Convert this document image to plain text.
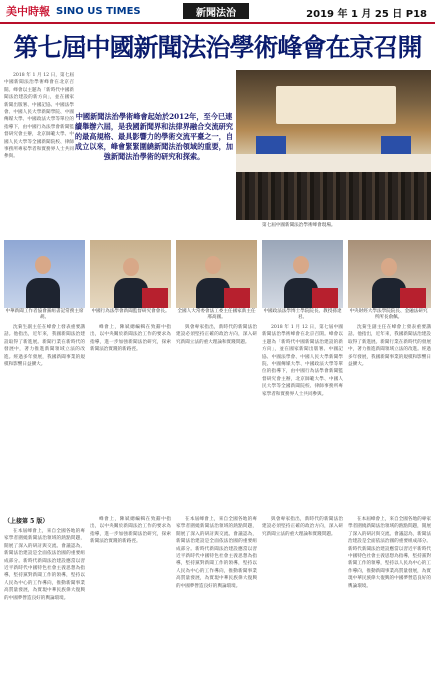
美中時報 SINO US TIMES	新聞法治	2019 年 1 月 25 日 P18
第七屆中國新聞法治學術峰會在京召開

2018 年 1 月 12 日，第七屆中國新聞法治學術峰會在北京召開。峰會以主題為「新時代中國新聞法治建設的新方向」，並在國家新聞出版署、中國記協、中國法學會、中國人民大學新聞學院、中國傳媒大學、中國政法大學等單位的指導下，由中國行為法學會新聞監督研究會主辦，北京師範大學、中國人民大學等全國新聞院校、律師事務所專家學者和實務界人士共同參與。

中國新聞法治學術峰會起始於2012年，至今已連續舉辦六屆，是我國新聞界和法律界融合交流研究的最高規格、最具影響力的學術交流平臺之一，自成立以來，峰會緊緊圍繞新聞法治領域的重要，加強新聞法治學術的研究和探索。
第七屆中國新聞法治學術峰會現場。
中華新聞工作者協會黨組書記常務主席胡。
中國行為法學會新聞監督研究會會長。	全國人大常委會法工委主任國家新主任邢高國。
中國政法法學博士學院院長、教授孫達君。
中央財經大學法學院院長、金融法研究所所長俞佩。

沈菊生副主任在峰會上發表重要講話。他指出，近年來，我國新聞法治建設取得了新進展。新聞行業在新時代的發展中，著力推進新聞領域立法的改進。經過多年發展，我國新聞事業的規模和影響日益擴大。

峰會上，陳斌總編輯在致辭中指出，以中央關於新聞法治工作的要求為指導，進一步加強新聞法治研究，探索新聞法治實踐的新路徑。

與會專家指出，新時代的新聞法治建設必須堅持正確的政治方向，深入研究新聞立法的重大理論和實踐問題。

2018 年 1 月 12 日，第七屆中國新聞法治學術峰會在北京召開。峰會以主題為「新時代中國新聞法治建設的新方向」，並在國家新聞出版署、中國記協、中國法學會、中國人民大學新聞學院、中國傳媒大學、中國政法大學等單位的指導下，由中國行為法學會新聞監督研究會主辦，北京師範大學、中國人民大學等全國新聞院校、律師事務所專家學者和實務界人士共同參與。

沈菊生副主任在峰會上發表重要講話。他指出，近年來，我國新聞法治建設取得了新進展。新聞行業在新時代的發展中，著力推進新聞領域立法的改進。經過多年發展，我國新聞事業的規模和影響日益擴大。

（上接第 5 版）

在本屆峰會上，來自全國各地的專家學者圍繞新聞法治領域的熱點問題，開展了深入的研討與交流。會議認為，新聞法治建設是全面依法治國的重要組成部分。新時代新聞法治建設應當以習近平新時代中國特色社會主義思想為指導，堅持黨對新聞工作的領導，堅持以人民為中心的工作導向，推動新聞事業高質量發展，為實現中華民族偉大復興的中國夢營造良好的輿論環境。

峰會上，陳斌總編輯在致辭中指出，以中央關於新聞法治工作的要求為指導，進一步加強新聞法治研究，探索新聞法治實踐的新路徑。

在本屆峰會上，來自全國各地的專家學者圍繞新聞法治領域的熱點問題，開展了深入的研討與交流。會議認為，新聞法治建設是全面依法治國的重要組成部分。新時代新聞法治建設應當以習近平新時代中國特色社會主義思想為指導，堅持黨對新聞工作的領導，堅持以人民為中心的工作導向，推動新聞事業高質量發展，為實現中華民族偉大復興的中國夢營造良好的輿論環境。

與會專家指出，新時代的新聞法治建設必須堅持正確的政治方向，深入研究新聞立法的重大理論和實踐問題。

在本屆峰會上，來自全國各地的專家學者圍繞新聞法治領域的熱點問題，開展了深入的研討與交流。會議認為，新聞法治建設是全面依法治國的重要組成部分。新時代新聞法治建設應當以習近平新時代中國特色社會主義思想為指導，堅持黨對新聞工作的領導，堅持以人民為中心的工作導向，推動新聞事業高質量發展，為實現中華民族偉大復興的中國夢營造良好的輿論環境。
